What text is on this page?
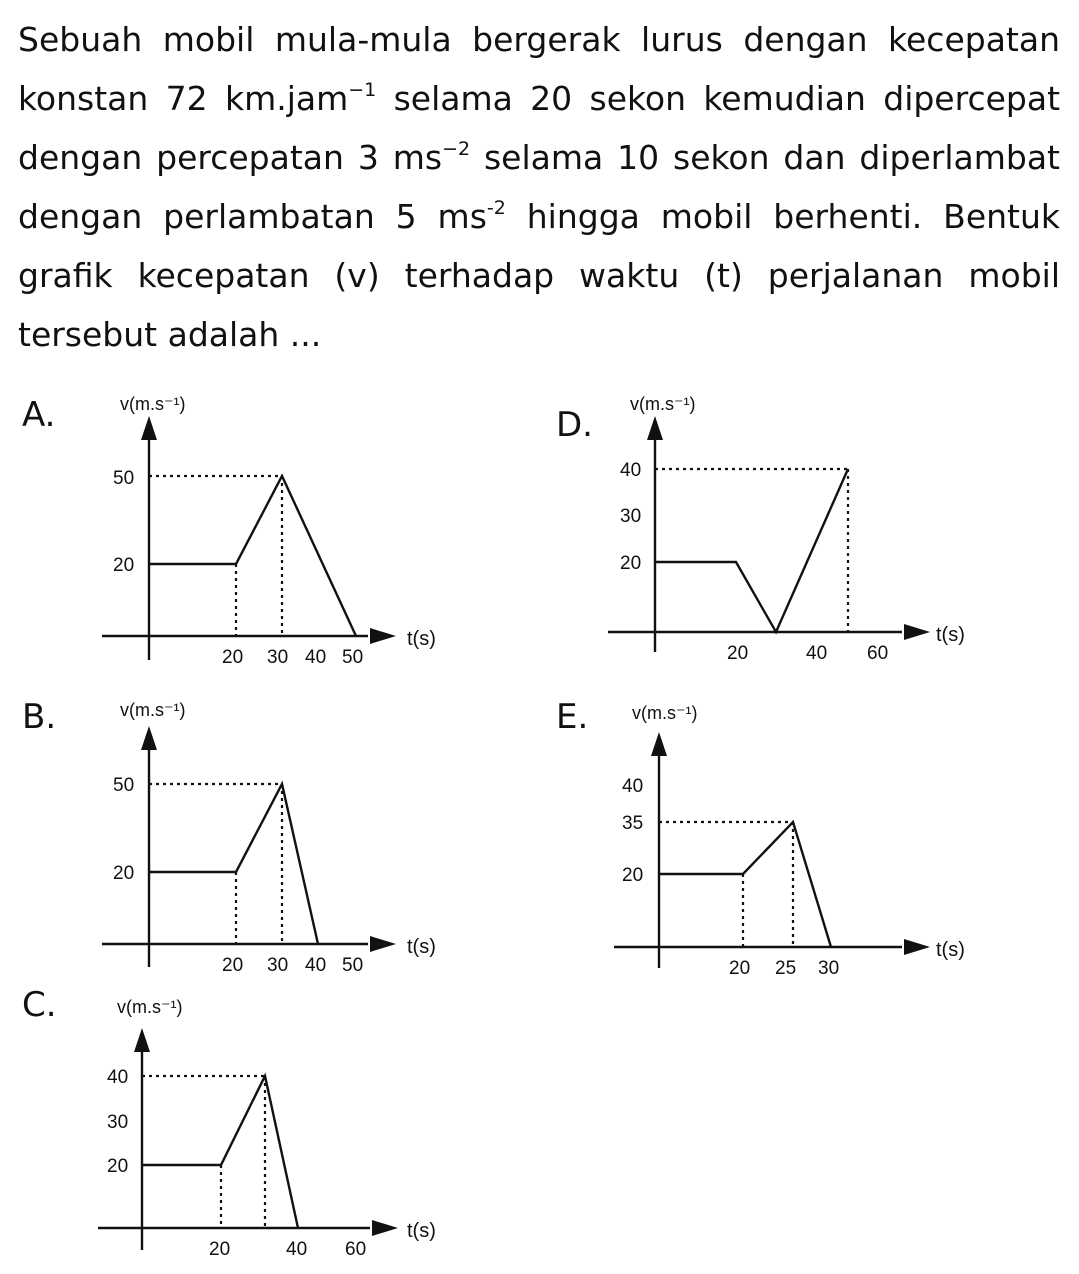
Sebuah mobil mula-mula bergerak lurus dengan kecepatan konstan 72 km.jam$^{-1}$ selama 20 sekon kemudian dipercepat dengan percepatan 3 $ms^{-2}$ selama 10 sekon dan diperlambat dengan perlambatan 5 $ms^{-2}$ hingga mobil berhenti. Bentuk grafik kecepatan (v) terhadap waktu (t) perjalanan mobil tersebut adalah ...

A.
B.
C.
D.
E.
v(m.s⁻¹)
t(s)
50
20
20 30 40 50
v(m.s⁻¹)
t(s)
50
20
20 30 40 50
v(m.s⁻¹)
t(s)
40
30
20
20	40 60
v(m.s⁻¹)
t(s)
40
30
20
20	40 60
v(m.s⁻¹)
t(s)
40
35
20
20 25 30
